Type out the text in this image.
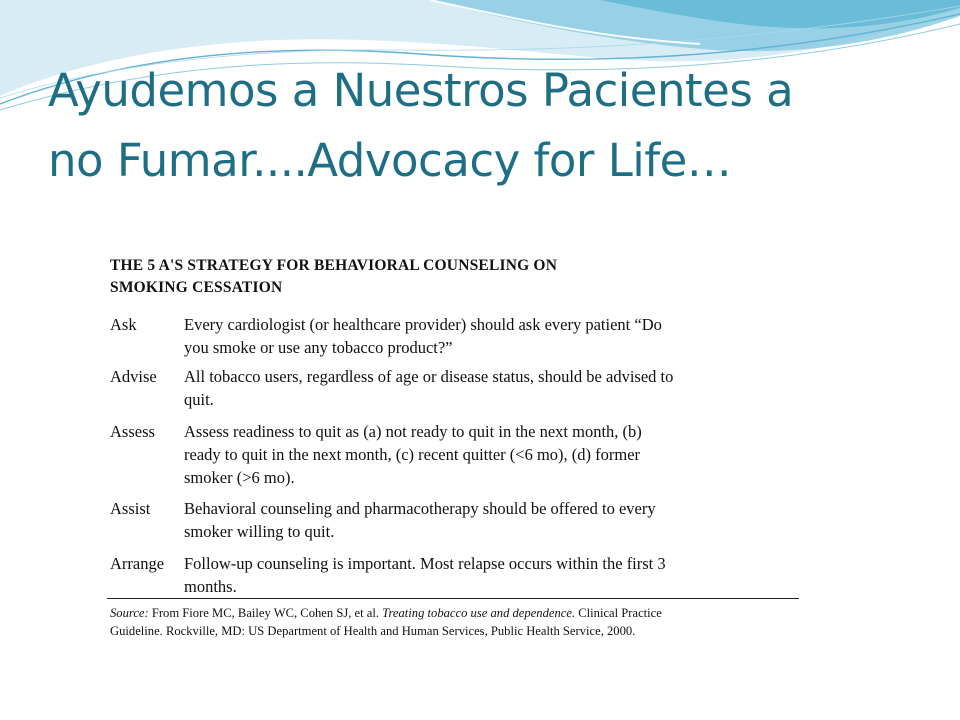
Ayudemos a Nuestros Pacientes a
no Fumar....Advocacy for Life…
THE 5 A'S STRATEGY FOR BEHAVIORAL COUNSELING ON
SMOKING CESSATION
Ask	Every cardiologist (or healthcare provider) should ask every patient “Do
you smoke or use any tobacco product?”
Advise	All tobacco users, regardless of age or disease status, should be advised to
quit.
Assess	Assess readiness to quit as (a) not ready to quit in the next month, (b)
ready to quit in the next month, (c) recent quitter (<6 mo), (d) former
smoker (>6 mo).
Assist	Behavioral counseling and pharmacotherapy should be offered to every
smoker willing to quit.
Arrange	Follow-up counseling is important. Most relapse occurs within the first 3
months.
Source: From Fiore MC, Bailey WC, Cohen SJ, et al. Treating tobacco use and dependence. Clinical Practice
Guideline. Rockville, MD: US Department of Health and Human Services, Public Health Service, 2000.
